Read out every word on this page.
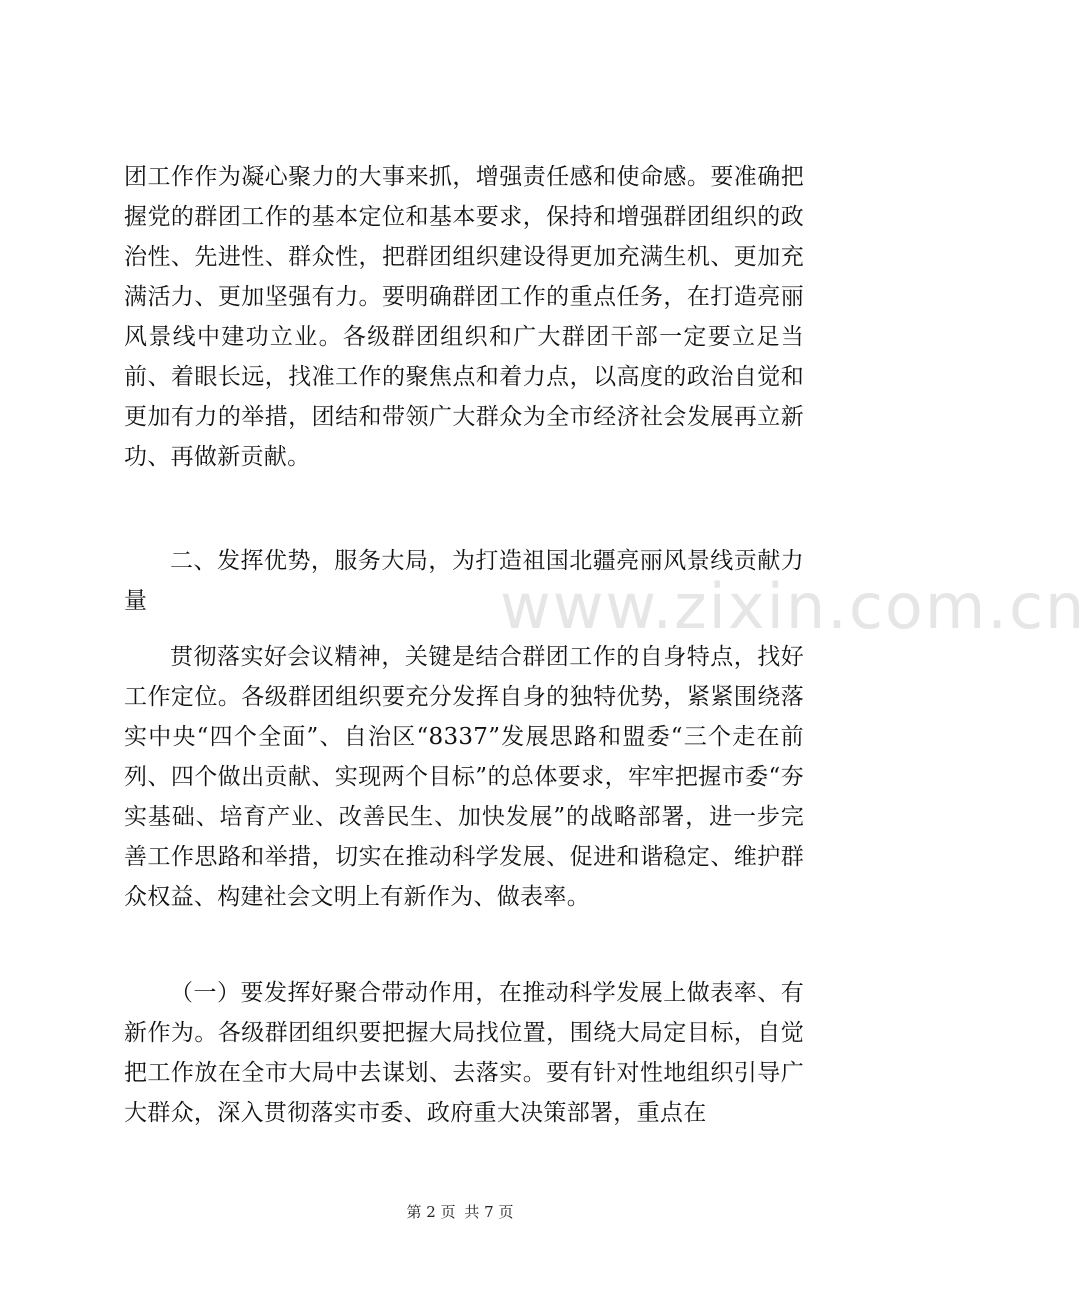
www.zixin.com.cn

团工作作为凝心聚力的大事来抓，增强责任感和使命感。要准确把握党的群团工作的基本定位和基本要求，保持和增强群团组织的政治性、先进性、群众性，把群团组织建设得更加充满生机、更加充满活力、更加坚强有力。要明确群团工作的重点任务，在打造亮丽风景线中建功立业。各级群团组织和广大群团干部一定要立足当前、着眼长远，找准工作的聚焦点和着力点，以高度的政治自觉和更加有力的举措，团结和带领广大群众为全市经济社会发展再立新功、再做新贡献。

二、发挥优势，服务大局，为打造祖国北疆亮丽风景线贡献力量

贯彻落实好会议精神，关键是结合群团工作的自身特点，找好工作定位。各级群团组织要充分发挥自身的独特优势，紧紧围绕落实中央“四个全面”、自治区“8337”发展思路和盟委“三个走在前列、四个做出贡献、实现两个目标”的总体要求，牢牢把握市委“夯实基础、培育产业、改善民生、加快发展”的战略部署，进一步完善工作思路和举措，切实在推动科学发展、促进和谐稳定、维护群众权益、构建社会文明上有新作为、做表率。

（一）要发挥好聚合带动作用，在推动科学发展上做表率、有新作为。各级群团组织要把握大局找位置，围绕大局定目标，自觉把工作放在全市大局中去谋划、去落实。要有针对性地组织引导广大群众，深入贯彻落实市委、政府重大决策部署，重点在

第 2 页 共 7 页
